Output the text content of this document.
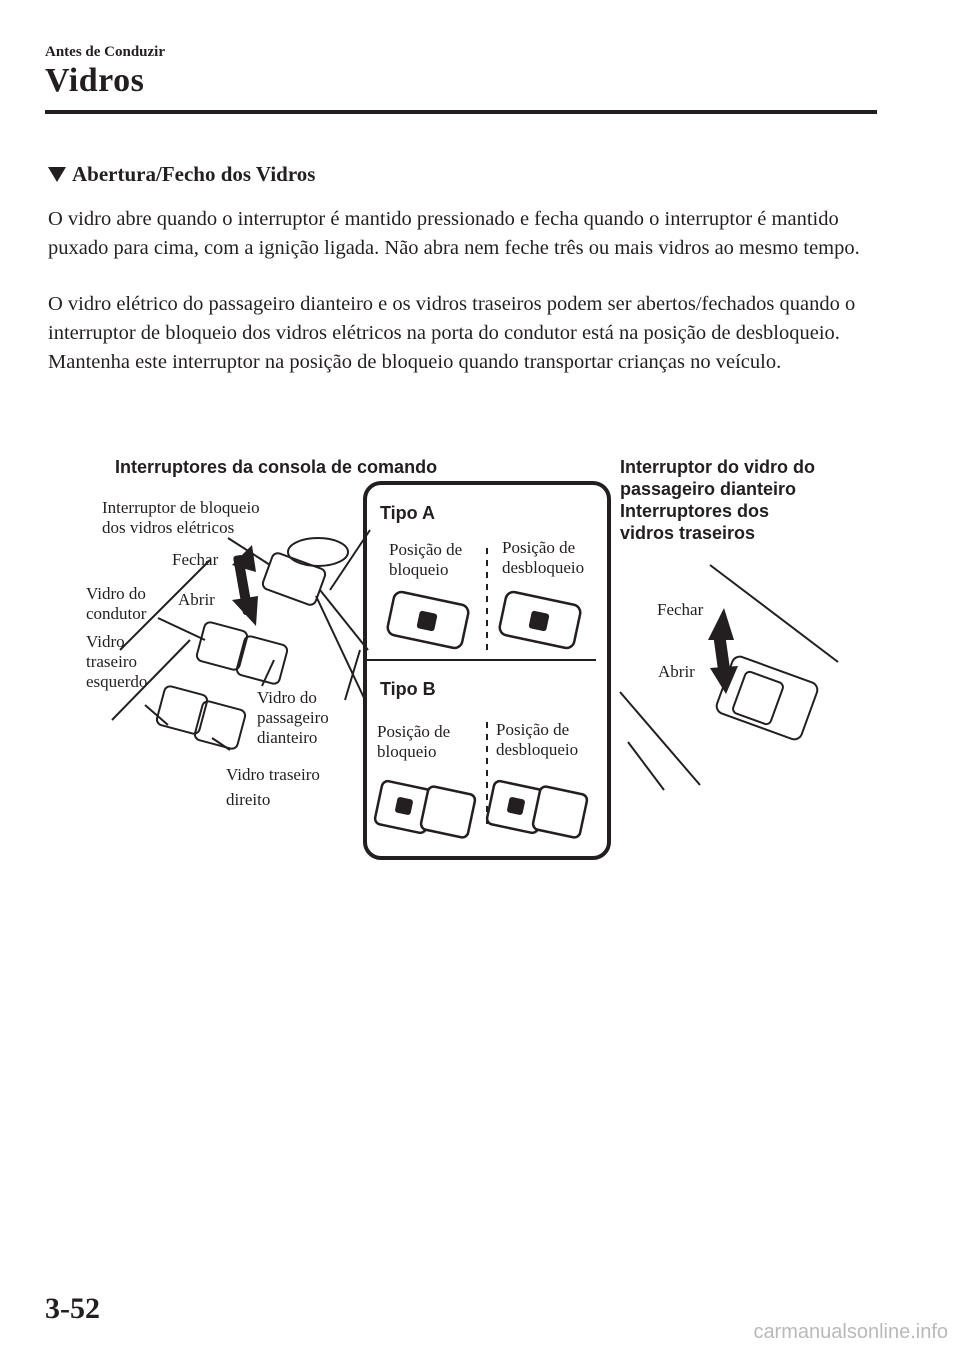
Antes de Conduzir
Vidros
Abertura/Fecho dos Vidros
O vidro abre quando o interruptor é mantido pressionado e fecha quando o interruptor é mantido puxado para cima, com a ignição ligada. Não abra nem feche três ou mais vidros ao mesmo tempo.
O vidro elétrico do passageiro dianteiro e os vidros traseiros podem ser abertos/fechados quando o interruptor de bloqueio dos vidros elétricos na porta do condutor está na posição de desbloqueio. Mantenha este interruptor na posição de bloqueio quando transportar crianças no veículo.
Interruptores da consola de comando	Interruptor do vidro do
passageiro dianteiro
Interruptores dos
vidros traseiros
Interruptor de bloqueio
dos vidros elétricos
Fechar
Abrir
Vidro do
condutor
Vidro
traseiro
esquerdo
Vidro do
passageiro
dianteiro
Vidro traseiro
direito
Tipo A
Posição de
bloqueio
Posição de
desbloqueio
Tipo B
Posição de
bloqueio
Posição de
desbloqueio
Fechar
Abrir
3-52
carmanualsonline.info
